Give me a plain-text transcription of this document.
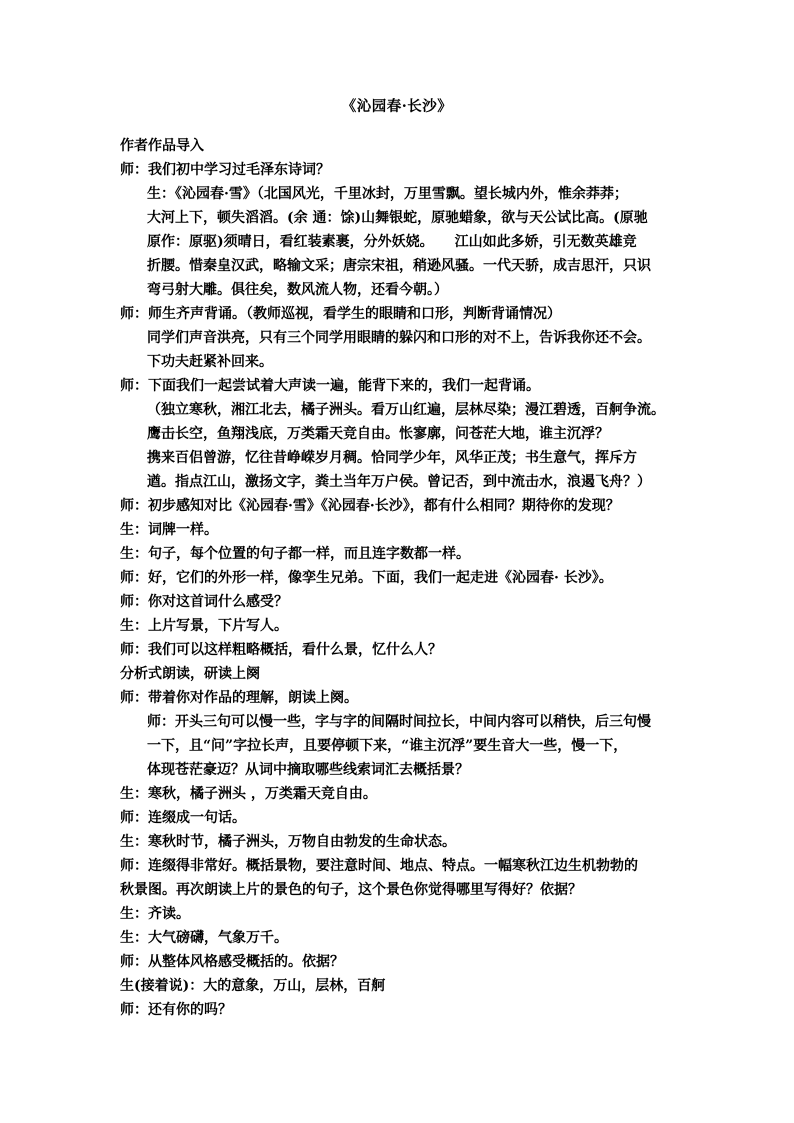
《沁园春·长沙》
作者作品导入
师：我们初中学习过毛泽东诗词？
生：《沁园春·雪》（北国风光，千里冰封，万里雪飘。望长城内外，惟余莽莽；
大河上下，顿失滔滔。(余 通：馀)山舞银蛇，原驰蜡象，欲与天公试比高。(原驰
原作：原驱)须晴日，看红装素裹，分外妖娆。　　江山如此多娇，引无数英雄竞
折腰。惜秦皇汉武，略输文采；唐宗宋祖，稍逊风骚。一代天骄，成吉思汗，只识
弯弓射大雕。俱往矣，数风流人物，还看今朝。）
师：师生齐声背诵。（教师巡视，看学生的眼睛和口形，判断背诵情况）
同学们声音洪亮，只有三个同学用眼睛的躲闪和口形的对不上，告诉我你还不会。
下功夫赶紧补回来。
师：下面我们一起尝试着大声读一遍，能背下来的，我们一起背诵。
（独立寒秋，湘江北去，橘子洲头。看万山红遍，层林尽染；漫江碧透，百舸争流。
鹰击长空，鱼翔浅底，万类霜天竞自由。怅寥廓，问苍茫大地，谁主沉浮？
携来百侣曾游，忆往昔峥嵘岁月稠。恰同学少年，风华正茂；书生意气，挥斥方
遒。指点江山，激扬文字，粪土当年万户侯。曾记否，到中流击水，浪遏飞舟？）
师：初步感知对比《沁园春·雪》《沁园春·长沙》，都有什么相同？期待你的发现？
生：词牌一样。
生：句子，每个位置的句子都一样，而且连字数都一样。
师：好，它们的外形一样，像孪生兄弟。下面，我们一起走进《沁园春· 长沙》。
师：你对这首词什么感受？
生：上片写景，下片写人。
师：我们可以这样粗略概括，看什么景，忆什么人？
分析式朗读，研读上阕
师：带着你对作品的理解，朗读上阕。
师：开头三句可以慢一些，字与字的间隔时间拉长，中间内容可以稍快，后三句慢
一下，且“问”字拉长声，且要停顿下来，“谁主沉浮”要生音大一些，慢一下，
体现苍茫豪迈？从词中摘取哪些线索词汇去概括景？
生：寒秋，橘子洲头 ，万类霜天竞自由。
师：连缀成一句话。
生：寒秋时节，橘子洲头，万物自由勃发的生命状态。
师：连缀得非常好。概括景物，要注意时间、地点、特点。一幅寒秋江边生机勃勃的
秋景图。再次朗读上片的景色的句子，这个景色你觉得哪里写得好？依据？
生：齐读。
生：大气磅礴，气象万千。
师：从整体风格感受概括的。依据？
生(接着说)：大的意象，万山，层林，百舸
师：还有你的吗？
